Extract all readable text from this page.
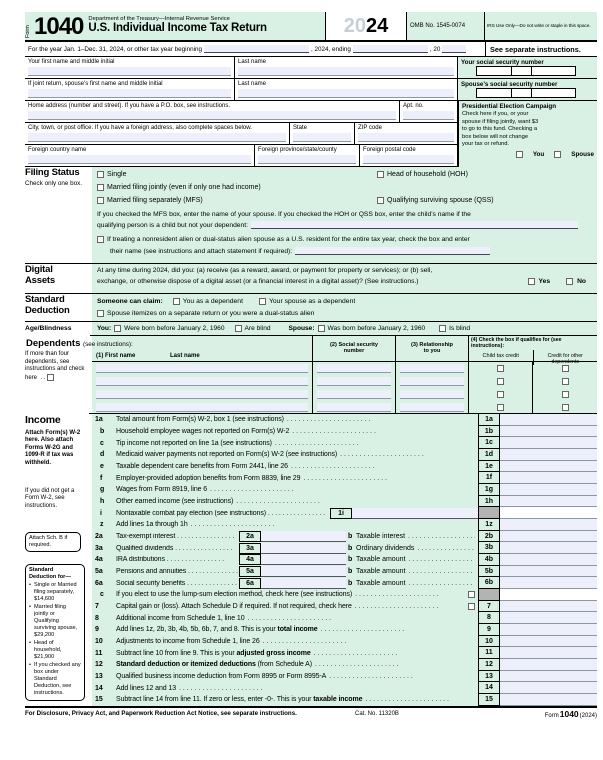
Form 1040 Department of the Treasury—Internal Revenue Service
U.S. Individual Income Tax Return	20 24	OMB No. 1545-0074	IRS Use Only—Do not write or staple in this space.
For the year Jan. 1–Dec. 31, 2024, or other tax year beginning	, 2024, ending	, 20	See separate instructions.
Your first name and middle initial	Last name	Your social security number
If joint return, spouse’s first name and middle initial	Last name	Spouse’s social security number
Home address (number and street). If you have a P.O. box, see instructions.	Apt. no.
City, town, or post office. If you have a foreign address, also complete spaces below.	State	ZIP code
Foreign country name	Foreign province/state/county	Foreign postal code
Presidential Election Campaign
Check here if you, or your
spouse if filing jointly, want $3
to go to this fund. Checking a
box below will not change
your tax or refund.
You	Spouse
Single	Head of household (HOH)
Married filing jointly (even if only one had income)
Married filing separately (MFS)	Qualifying surviving spouse (QSS)
If you checked the MFS box, enter the name of your spouse. If you checked the HOH or QSS box, enter the child’s name if the
qualifying person is a child but not your dependent:
If treating a nonresident alien or dual-status alien spouse as a U.S. resident for the entire tax year, check the box and enter
their name (see instructions and attach statement if required):
Filing Status
Check only one box.
At any time during 2024, did you: (a) receive (as a reward, award, or payment for property or services); or (b) sell,
exchange, or otherwise dispose of a digital asset (or a financial interest in a digital asset)? (See instructions.)	Yes	No
Digital
Assets
Someone can claim:	You as a dependent	Your spouse as a dependent
Spouse itemizes on a separate return or you were a dual-status alien
Standard
Deduction
You: Were born before January 2, 1960	Are blind	Spouse: Was born before January 2, 1960	Is blind
Age/Blindness
(1) First name	Last name
(2) Social security
number
(3) Relationship
to you
(4) Check the box if qualifies for (see instructions):
Child tax credit	Credit for other dependents
Dependents (see instructions):
If more than four dependents, see instructions and check here  . .
1a	Total amount from Form(s) W-2, box 1 (see instructions) .	1a
b	Household employee wages not reported on Form(s) W-2 .	1b
c	Tip income not reported on line 1a (see instructions) .	1c
d	Medicaid waiver payments not reported on Form(s) W-2 (see instructions) .	1d
e	Taxable dependent care benefits from Form 2441, line 26 .	1e
f	Employer-provided adoption benefits from Form 8839, line 29 .	1f
g	Wages from Form 8919, line 6 .	1g
h	Other earned income (see instructions) .	1h
i	Nontaxable combat pay election (see instructions) .	1i
z	Add lines 1a through 1h .	1z
2a	Tax-exempt interest .	2a	b Taxable interest .	2b
3a	Qualified dividends .	3a	b Ordinary dividends .	3b
4a	IRA distributions .	4a	b Taxable amount .	4b
5a	Pensions and annuities .	5a	b Taxable amount .	5b
6a	Social security benefits .	6a	b Taxable amount .	6b
c	If you elect to use the lump-sum election method, check here (see instructions)
.
7	Capital gain or (loss). Attach Schedule D if required. If not required, check here .	7
8	Additional income from Schedule 1, line 10 .	8
9	Add lines 1z, 2b, 3b, 4b, 5b, 6b, 7, and 8. This is your total income .	9
10	Adjustments to income from Schedule 1, line 26 .	10
11	Subtract line 10 from line 9. This is your adjusted gross income .	11
12	Standard deduction or itemized deductions (from Schedule A) .	12
13	Qualified business income deduction from Form 8995 or Form 8995-A .	13
14	Add lines 12 and 13 .	14
15	Subtract line 14 from line 11. If zero or less, enter -0-. This is your taxable income .	15
Income
Attach Form(s) W-2 here. Also attach Forms W-2G and 1099-R if tax was withheld.
If you did not get a Form W-2, see instructions.
Attach Sch. B if required.
Standard Deduction for—
• Single or Married filing separately, $14,600
• Married filing jointly or Qualifying surviving spouse, $29,200
• Head of household, $21,900
• If you checked any box under Standard Deduction, see instructions.
For Disclosure, Privacy Act, and Paperwork Reduction Act Notice, see separate instructions.	Cat. No. 11320B	Form 1040 (2024)
